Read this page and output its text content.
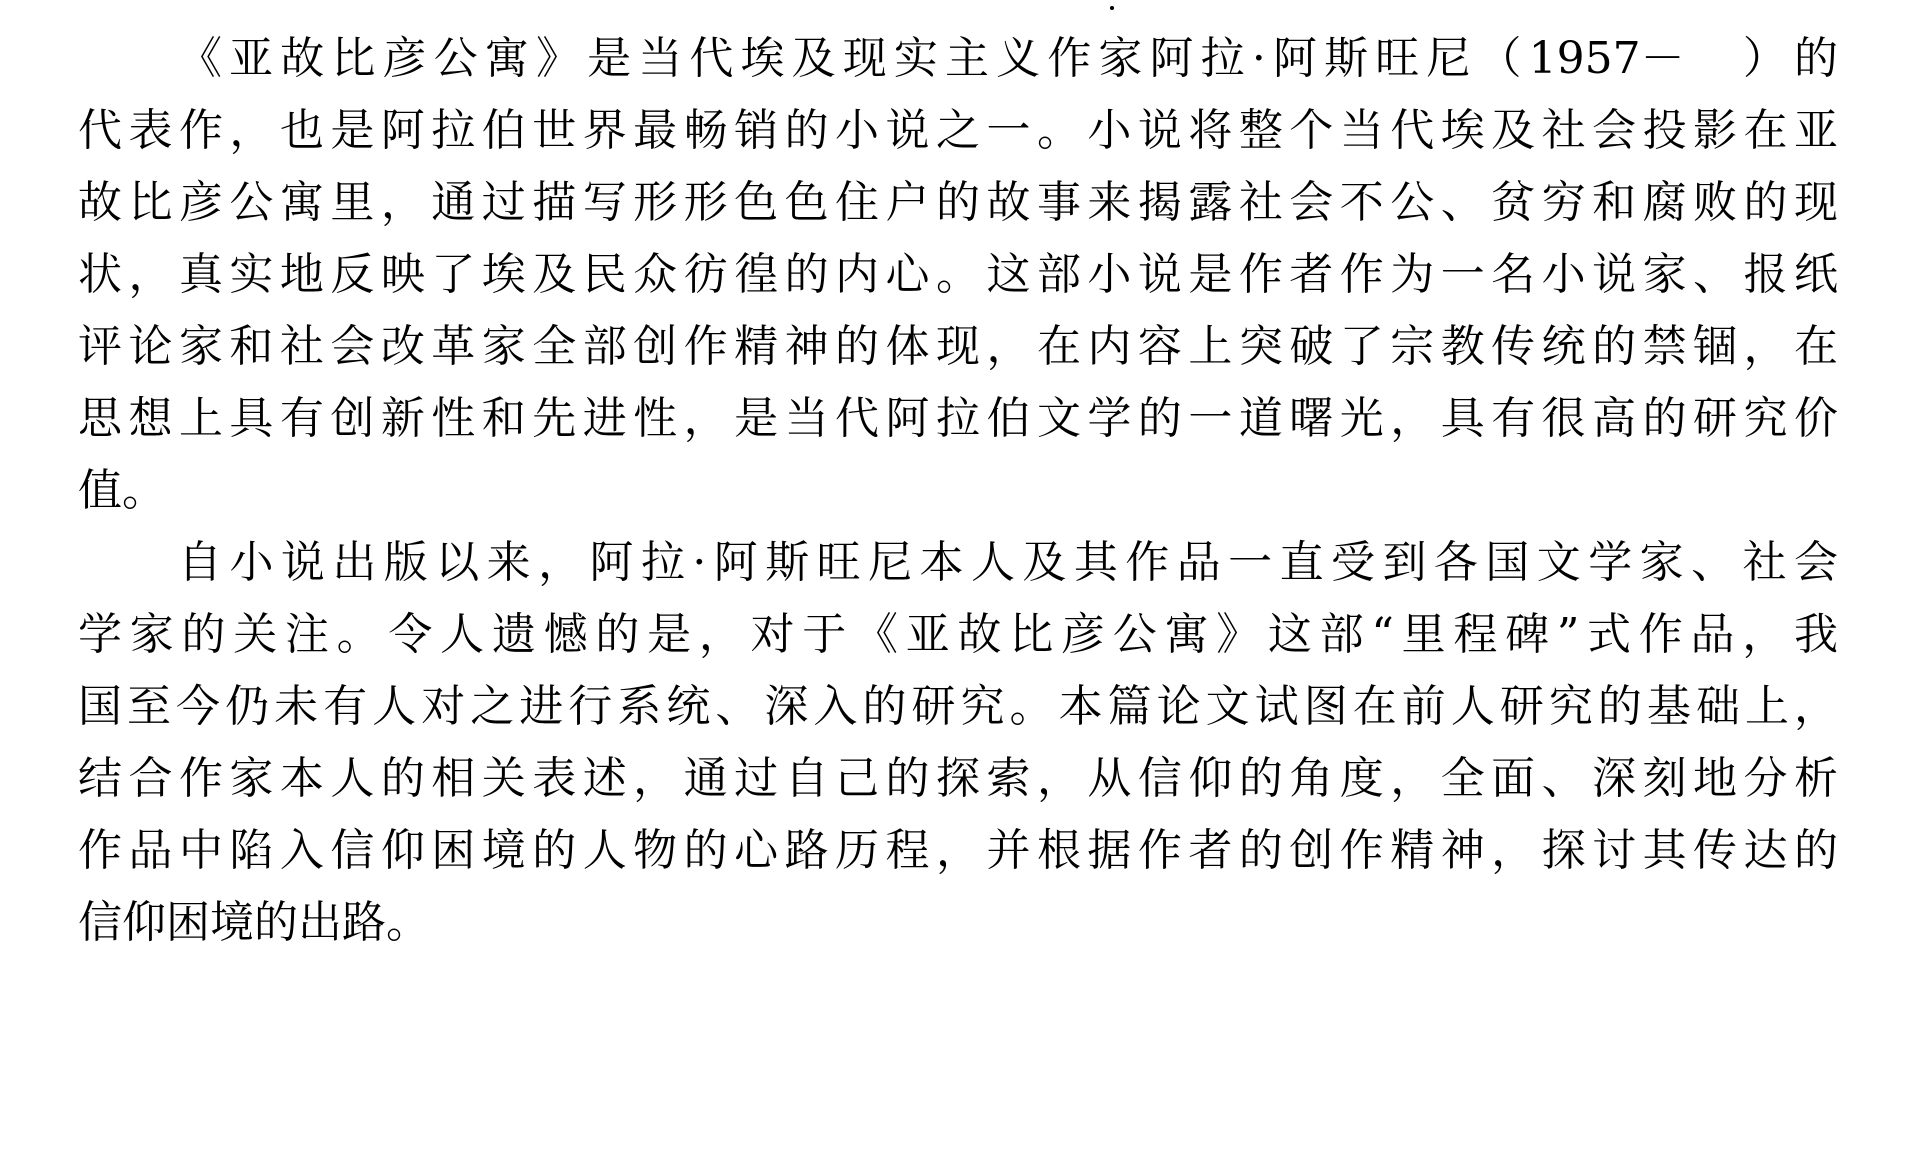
《亚故比彦公寓》是当代埃及现实主义作家阿拉·阿斯旺尼（1957－　）的
代表作，也是阿拉伯世界最畅销的小说之一。小说将整个当代埃及社会投影在亚
故比彦公寓里，通过描写形形色色住户的故事来揭露社会不公、贫穷和腐败的现
状，真实地反映了埃及民众彷徨的内心。这部小说是作者作为一名小说家、报纸
评论家和社会改革家全部创作精神的体现，在内容上突破了宗教传统的禁锢，在
思想上具有创新性和先进性，是当代阿拉伯文学的一道曙光，具有很高的研究价
值。
自小说出版以来，阿拉·阿斯旺尼本人及其作品一直受到各国文学家、社会
学家的关注。令人遗憾的是，对于《亚故比彦公寓》这部“里程碑”式作品，我
国至今仍未有人对之进行系统、深入的研究。本篇论文试图在前人研究的基础上，
结合作家本人的相关表述，通过自己的探索，从信仰的角度，全面、深刻地分析
作品中陷入信仰困境的人物的心路历程，并根据作者的创作精神，探讨其传达的
信仰困境的出路。
